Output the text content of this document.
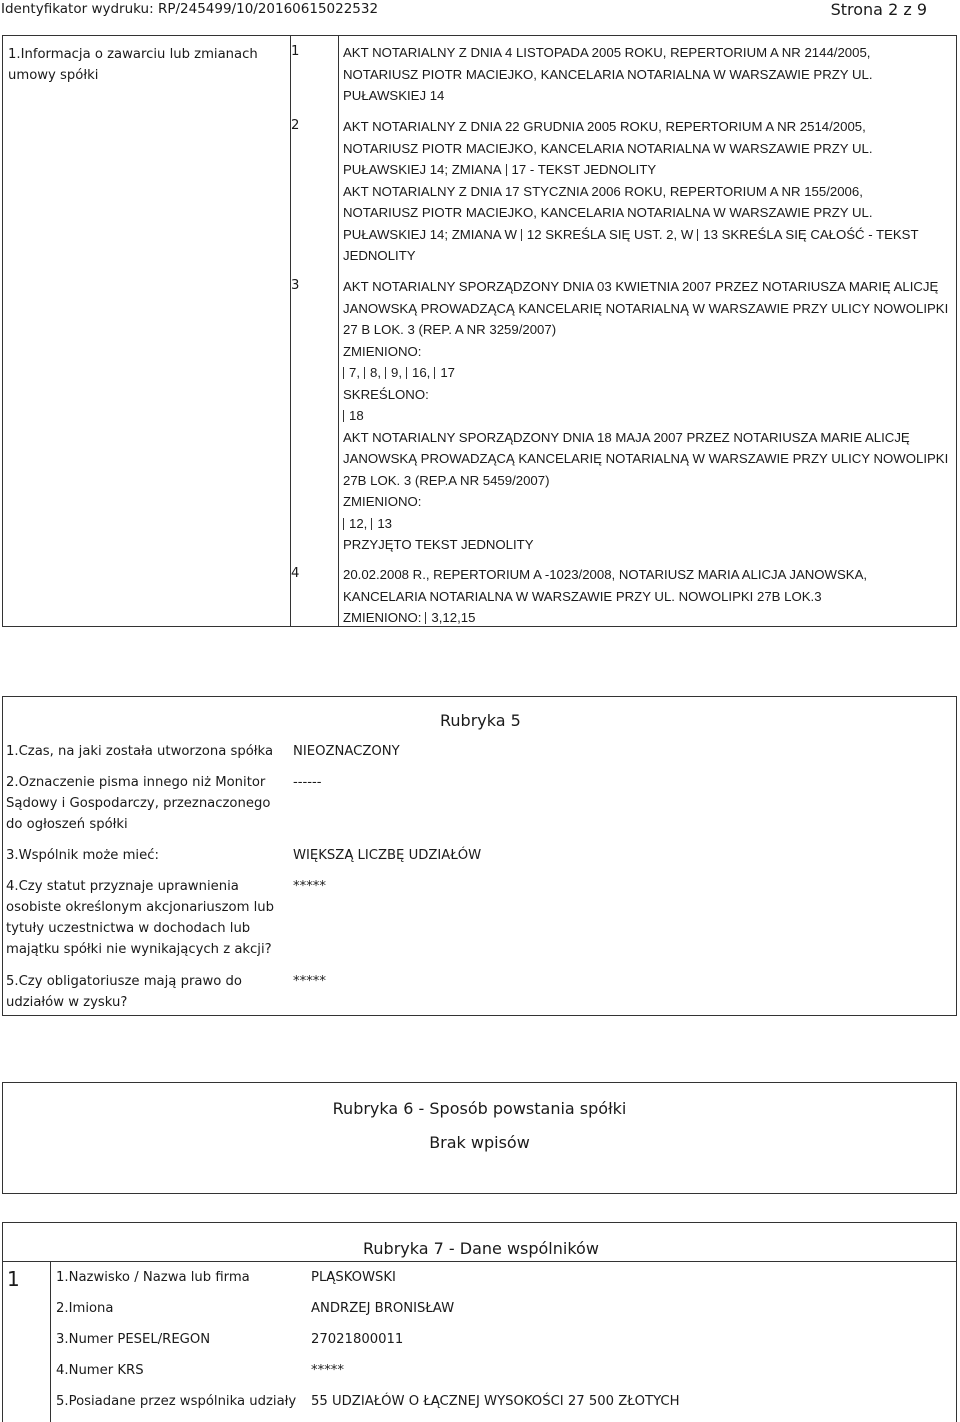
Identyfikator wydruku: RP/245499/10/20160615022532	Strona 2 z 9
1.Informacja o zawarciu lub zmianach
umowy spółki
1	AKT NOTARIALNY Z DNIA 4 LISTOPADA 2005 ROKU, REPERTORIUM A NR 2144/2005,
NOTARIUSZ PIOTR MACIEJKO, KANCELARIA NOTARIALNA W WARSZAWIE PRZY UL.
PUŁAWSKIEJ 14
2	AKT NOTARIALNY Z DNIA 22 GRUDNIA 2005 ROKU, REPERTORIUM A NR 2514/2005,
NOTARIUSZ PIOTR MACIEJKO, KANCELARIA NOTARIALNA W WARSZAWIE PRZY UL.
PUŁAWSKIEJ 14; ZMIANA 17 - TEKST JEDNOLITY
AKT NOTARIALNY Z DNIA 17 STYCZNIA 2006 ROKU, REPERTORIUM A NR 155/2006,
NOTARIUSZ PIOTR MACIEJKO, KANCELARIA NOTARIALNA W WARSZAWIE PRZY UL.
PUŁAWSKIEJ 14; ZMIANA W 12 SKREŚLA SIĘ UST. 2, W 13 SKREŚLA SIĘ CAŁOŚĆ - TEKST
JEDNOLITY
3	AKT NOTARIALNY SPORZĄDZONY DNIA 03 KWIETNIA 2007 PRZEZ NOTARIUSZA MARIĘ ALICJĘ
JANOWSKĄ PROWADZĄCĄ KANCELARIĘ NOTARIALNĄ W WARSZAWIE PRZY ULICY NOWOLIPKI
27 B LOK. 3 (REP. A NR 3259/2007)
ZMIENIONO:
7, 8, 9, 16, 17
SKREŚLONO:
18
AKT NOTARIALNY SPORZĄDZONY DNIA 18 MAJA 2007 PRZEZ NOTARIUSZA MARIE ALICJĘ
JANOWSKĄ PROWADZĄCĄ KANCELARIĘ NOTARIALNĄ W WARSZAWIE PRZY ULICY NOWOLIPKI
27B LOK. 3 (REP.A NR 5459/2007)
ZMIENIONO:
12, 13
PRZYJĘTO TEKST JEDNOLITY
4	20.02.2008 R., REPERTORIUM A -1023/2008, NOTARIUSZ MARIA ALICJA JANOWSKA,
KANCELARIA NOTARIALNA W WARSZAWIE PRZY UL. NOWOLIPKI 27B LOK.3
ZMIENIONO: 3,12,15
Rubryka 5
1.Czas, na jaki została utworzona spółka	NIEOZNACZONY
2.Oznaczenie pisma innego niż Monitor Sądowy i Gospodarczy, przeznaczonego do ogłoszeń spółki
------
3.Wspólnik może mieć:	WIĘKSZĄ LICZBĘ UDZIAŁÓW
4.Czy statut przyznaje uprawnienia osobiste określonym akcjonariuszom lub tytuły uczestnictwa w dochodach lub majątku spółki nie wynikających z akcji?
*****
5.Czy obligatoriusze mają prawo do udziałów w zysku?
*****
Rubryka 6 - Sposób powstania spółki
Brak wpisów
Rubryka 7 - Dane wspólników
1	1.Nazwisko / Nazwa lub firma	PLĄSKOWSKI
2.Imiona	ANDRZEJ BRONISŁAW
3.Numer PESEL/REGON	27021800011
4.Numer KRS	*****
5.Posiadane przez wspólnika udziały	55 UDZIAŁÓW O ŁĄCZNEJ WYSOKOŚCI 27 500 ZŁOTYCH
